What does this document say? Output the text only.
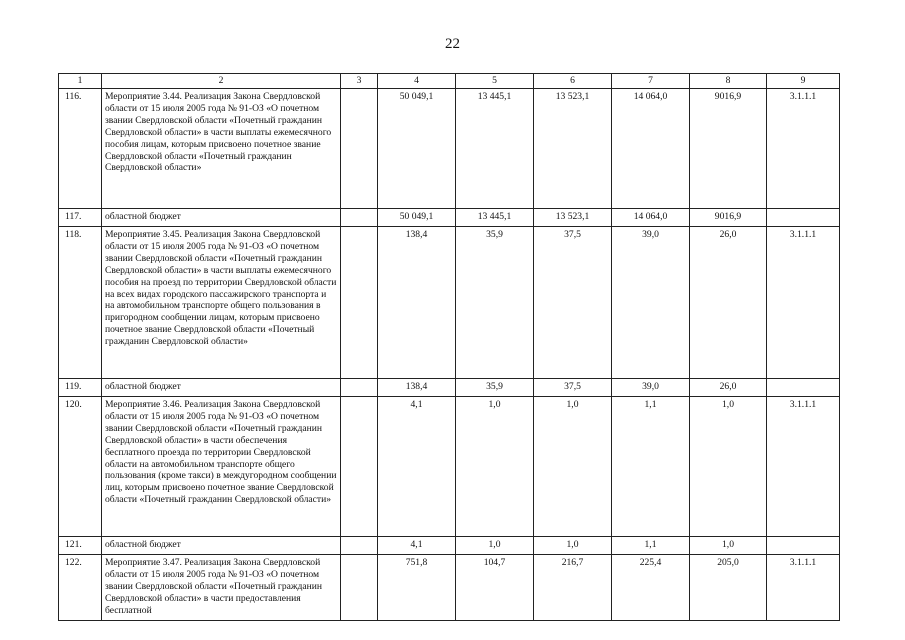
22
1	2	3	4	5	6	7	8	9
116.	Мероприятие 3.44. Реализация Закона Свердловской области от 15 июля 2005 года № 91-ОЗ «О почетном звании Свердловской области «Почетный гражданин Свердловской области» в части выплаты ежемесячного пособия лицам, которым присвоено почетное звание Свердловской области «Почетный гражданин Свердловской области»		50 049,1	13 445,1	13 523,1	14 064,0	9016,9	3.1.1.1
117.	областной бюджет		50 049,1	13 445,1	13 523,1	14 064,0	9016,9	
118.	Мероприятие 3.45. Реализация Закона Свердловской области от 15 июля 2005 года № 91-ОЗ «О почетном звании Свердловской области «Почетный гражданин Свердловской области» в части выплаты ежемесячного пособия на проезд по территории Свердловской области на всех видах городского пассажирского транспорта и на автомобильном транспорте общего пользования в пригородном сообщении лицам, которым присвоено почетное звание Свердловской области «Почетный гражданин Свердловской области»		138,4	35,9	37,5	39,0	26,0	3.1.1.1
119.	областной бюджет		138,4	35,9	37,5	39,0	26,0	
120.	Мероприятие 3.46. Реализация Закона Свердловской области от 15 июля 2005 года № 91-ОЗ «О почетном звании Свердловской области «Почетный гражданин Свердловской области» в части обеспечения бесплатного проезда по территории Свердловской области на автомобильном транспорте общего пользования (кроме такси) в междугородном сообщении лиц, которым присвоено почетное звание Свердловской области «Почетный гражданин Свердловской области»		4,1	1,0	1,0	1,1	1,0	3.1.1.1
121.	областной бюджет		4,1	1,0	1,0	1,1	1,0	
122.	Мероприятие 3.47. Реализация Закона Свердловской области от 15 июля 2005 года № 91-ОЗ «О почетном звании Свердловской области «Почетный гражданин Свердловской области» в части предоставления бесплатной		751,8	104,7	216,7	225,4	205,0	3.1.1.1
